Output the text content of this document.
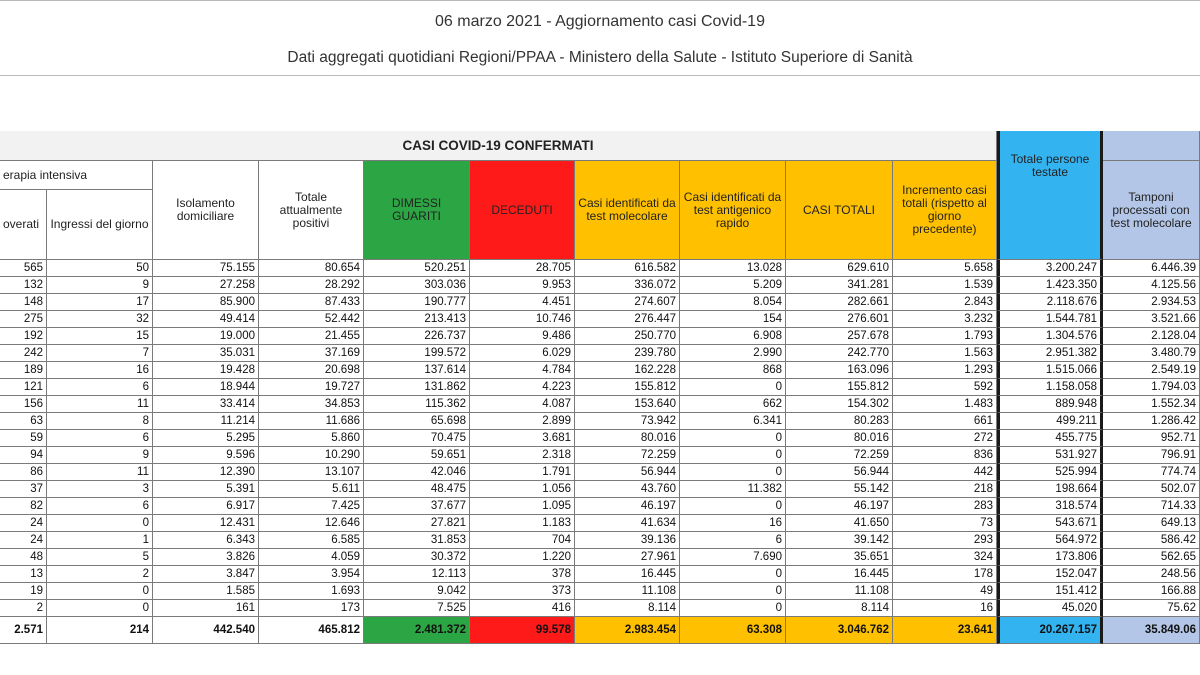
06 marzo 2021 - Aggiornamento casi Covid-19
Dati aggregati quotidiani Regioni/PPAA - Ministero della Salute - Istituto Superiore di Sanità
CASI COVID-19 CONFERMATI
Totale persone testate
erapia intensiva
overati Ingressi del giorno
Isolamento domiciliare
Totale attualmente positivi
DIMESSI GUARITI	DECEDUTI	Casi identificati da test molecolare
Casi identificati da test antigenico rapido
CASI TOTALI
Incremento casi totali (rispetto al giorno precedente)
Tamponi processati con test molecolare
565	50	75.155	80.654	520.251	28.705	616.582	13.028	629.610	5.658	3.200.247	6.446.39
132	9	27.258	28.292	303.036	9.953	336.072	5.209	341.281	1.539	1.423.350	4.125.56
148	17	85.900	87.433	190.777	4.451	274.607	8.054	282.661	2.843	2.118.676	2.934.53
275	32	49.414	52.442	213.413	10.746	276.447	154	276.601	3.232	1.544.781	3.521.66
192	15	19.000	21.455	226.737	9.486	250.770	6.908	257.678	1.793	1.304.576	2.128.04
242	7	35.031	37.169	199.572	6.029	239.780	2.990	242.770	1.563	2.951.382	3.480.79
189	16	19.428	20.698	137.614	4.784	162.228	868	163.096	1.293	1.515.066	2.549.19
121	6	18.944	19.727	131.862	4.223	155.812	0	155.812	592	1.158.058	1.794.03
156	11	33.414	34.853	115.362	4.087	153.640	662	154.302	1.483	889.948	1.552.34
63	8	11.214	11.686	65.698	2.899	73.942	6.341	80.283	661	499.211	1.286.42
59	6	5.295	5.860	70.475	3.681	80.016	0	80.016	272	455.775	952.71
94	9	9.596	10.290	59.651	2.318	72.259	0	72.259	836	531.927	796.91
86	11	12.390	13.107	42.046	1.791	56.944	0	56.944	442	525.994	774.74
37	3	5.391	5.611	48.475	1.056	43.760	11.382	55.142	218	198.664	502.07
82	6	6.917	7.425	37.677	1.095	46.197	0	46.197	283	318.574	714.33
24	0	12.431	12.646	27.821	1.183	41.634	16	41.650	73	543.671	649.13
24	1	6.343	6.585	31.853	704	39.136	6	39.142	293	564.972	586.42
48	5	3.826	4.059	30.372	1.220	27.961	7.690	35.651	324	173.806	562.65
13	2	3.847	3.954	12.113	378	16.445	0	16.445	178	152.047	248.56
19	0	1.585	1.693	9.042	373	11.108	0	11.108	49	151.412	166.88
2	0	161	173	7.525	416	8.114	0	8.114	16	45.020	75.62
2.571	214	442.540	465.812	2.481.372	99.578	2.983.454	63.308	3.046.762	23.641	20.267.157	35.849.06
